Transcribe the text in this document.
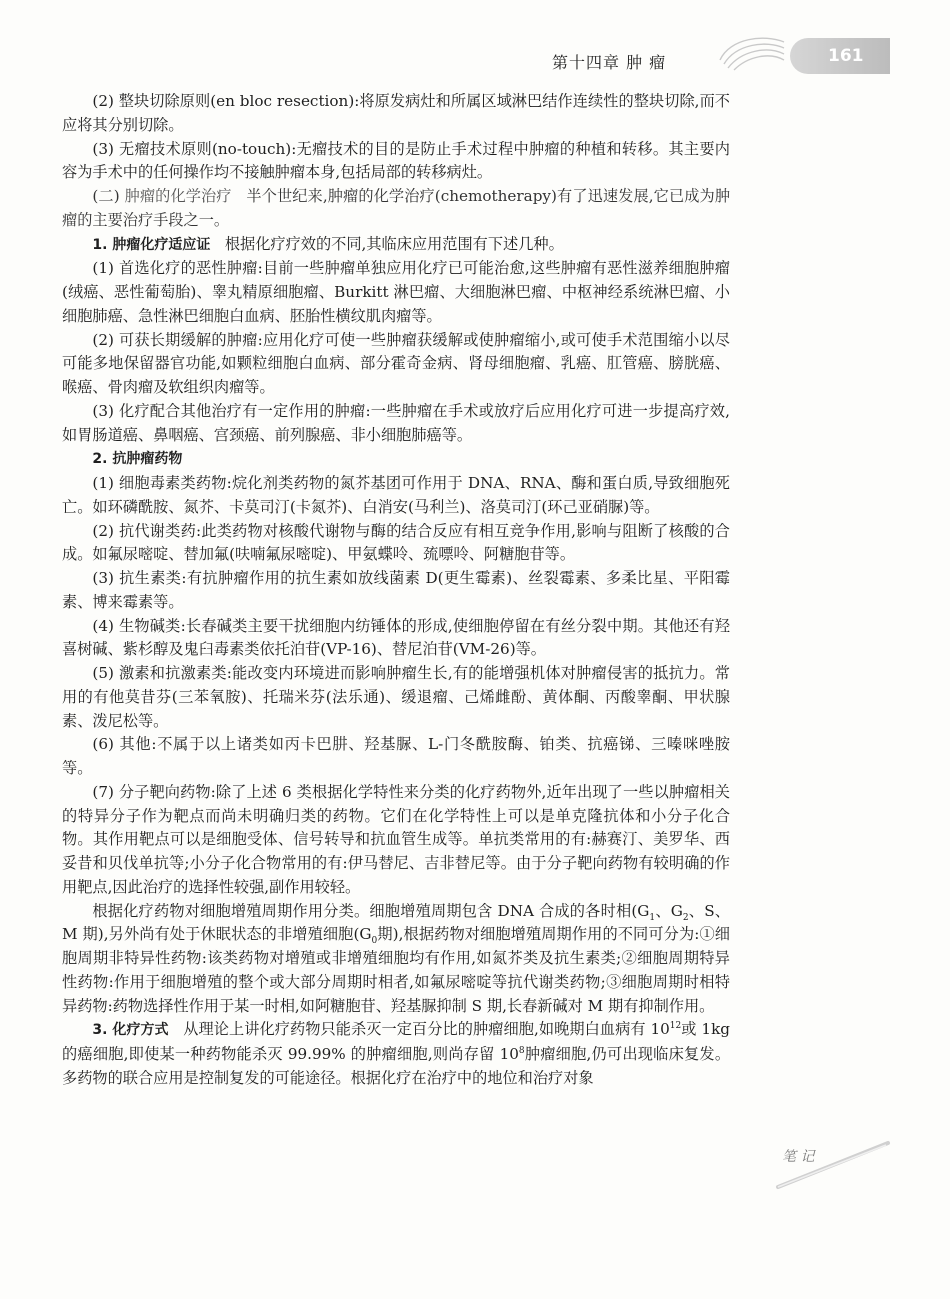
第十四章 肿 瘤	161

(2) 整块切除原则(en bloc resection):将原发病灶和所属区域淋巴结作连续性的整块切除,而不应将其分别切除。

(3) 无瘤技术原则(no-touch):无瘤技术的目的是防止手术过程中肿瘤的种植和转移。其主要内容为手术中的任何操作均不接触肿瘤本身,包括局部的转移病灶。

(二) 肿瘤的化学治疗 半个世纪来,肿瘤的化学治疗(chemotherapy)有了迅速发展,它已成为肿瘤的主要治疗手段之一。

1. 肿瘤化疗适应证 根据化疗疗效的不同,其临床应用范围有下述几种。

(1) 首选化疗的恶性肿瘤:目前一些肿瘤单独应用化疗已可能治愈,这些肿瘤有恶性滋养细胞肿瘤(绒癌、恶性葡萄胎)、睾丸精原细胞瘤、Burkitt 淋巴瘤、大细胞淋巴瘤、中枢神经系统淋巴瘤、小细胞肺癌、急性淋巴细胞白血病、胚胎性横纹肌肉瘤等。

(2) 可获长期缓解的肿瘤:应用化疗可使一些肿瘤获缓解或使肿瘤缩小,或可使手术范围缩小以尽可能多地保留器官功能,如颗粒细胞白血病、部分霍奇金病、肾母细胞瘤、乳癌、肛管癌、膀胱癌、喉癌、骨肉瘤及软组织肉瘤等。

(3) 化疗配合其他治疗有一定作用的肿瘤:一些肿瘤在手术或放疗后应用化疗可进一步提高疗效,如胃肠道癌、鼻咽癌、宫颈癌、前列腺癌、非小细胞肺癌等。

2. 抗肿瘤药物

(1) 细胞毒素类药物:烷化剂类药物的氮芥基团可作用于 DNA、RNA、酶和蛋白质,导致细胞死亡。如环磷酰胺、氮芥、卡莫司汀(卡氮芥)、白消安(马利兰)、洛莫司汀(环己亚硝脲)等。

(2) 抗代谢类药:此类药物对核酸代谢物与酶的结合反应有相互竞争作用,影响与阻断了核酸的合成。如氟尿嘧啶、替加氟(呋喃氟尿嘧啶)、甲氨蝶呤、巯嘌呤、阿糖胞苷等。

(3) 抗生素类:有抗肿瘤作用的抗生素如放线菌素 D(更生霉素)、丝裂霉素、多柔比星、平阳霉素、博来霉素等。

(4) 生物碱类:长春碱类主要干扰细胞内纺锤体的形成,使细胞停留在有丝分裂中期。其他还有羟喜树碱、紫杉醇及鬼臼毒素类依托泊苷(VP-16)、替尼泊苷(VM-26)等。

(5) 激素和抗激素类:能改变内环境进而影响肿瘤生长,有的能增强机体对肿瘤侵害的抵抗力。常用的有他莫昔芬(三苯氧胺)、托瑞米芬(法乐通)、缓退瘤、己烯雌酚、黄体酮、丙酸睾酮、甲状腺素、泼尼松等。

(6) 其他:不属于以上诸类如丙卡巴肼、羟基脲、L-门冬酰胺酶、铂类、抗癌锑、三嗪咪唑胺等。

(7) 分子靶向药物:除了上述 6 类根据化学特性来分类的化疗药物外,近年出现了一些以肿瘤相关的特异分子作为靶点而尚未明确归类的药物。它们在化学特性上可以是单克隆抗体和小分子化合物。其作用靶点可以是细胞受体、信号转导和抗血管生成等。单抗类常用的有:赫赛汀、美罗华、西妥昔和贝伐单抗等;小分子化合物常用的有:伊马替尼、吉非替尼等。由于分子靶向药物有较明确的作用靶点,因此治疗的选择性较强,副作用较轻。

根据化疗药物对细胞增殖周期作用分类。细胞增殖周期包含 DNA 合成的各时相($G_1$、$G_2$、S、M 期),另外尚有处于休眠状态的非增殖细胞($G_0$期),根据药物对细胞增殖周期作用的不同可分为:①细胞周期非特异性药物:该类药物对增殖或非增殖细胞均有作用,如氮芥类及抗生素类;②细胞周期特异性药物:作用于细胞增殖的整个或大部分周期时相者,如氟尿嘧啶等抗代谢类药物;③细胞周期时相特异药物:药物选择性作用于某一时相,如阿糖胞苷、羟基脲抑制 S 期,长春新碱对 M 期有抑制作用。

3. 化疗方式 从理论上讲化疗药物只能杀灭一定百分比的肿瘤细胞,如晚期白血病有 $10^{12}$或 1kg 的癌细胞,即使某一种药物能杀灭 99.99% 的肿瘤细胞,则尚存留 $10^8$肿瘤细胞,仍可出现临床复发。多药物的联合应用是控制复发的可能途径。根据化疗在治疗中的地位和治疗对象

笔 记
